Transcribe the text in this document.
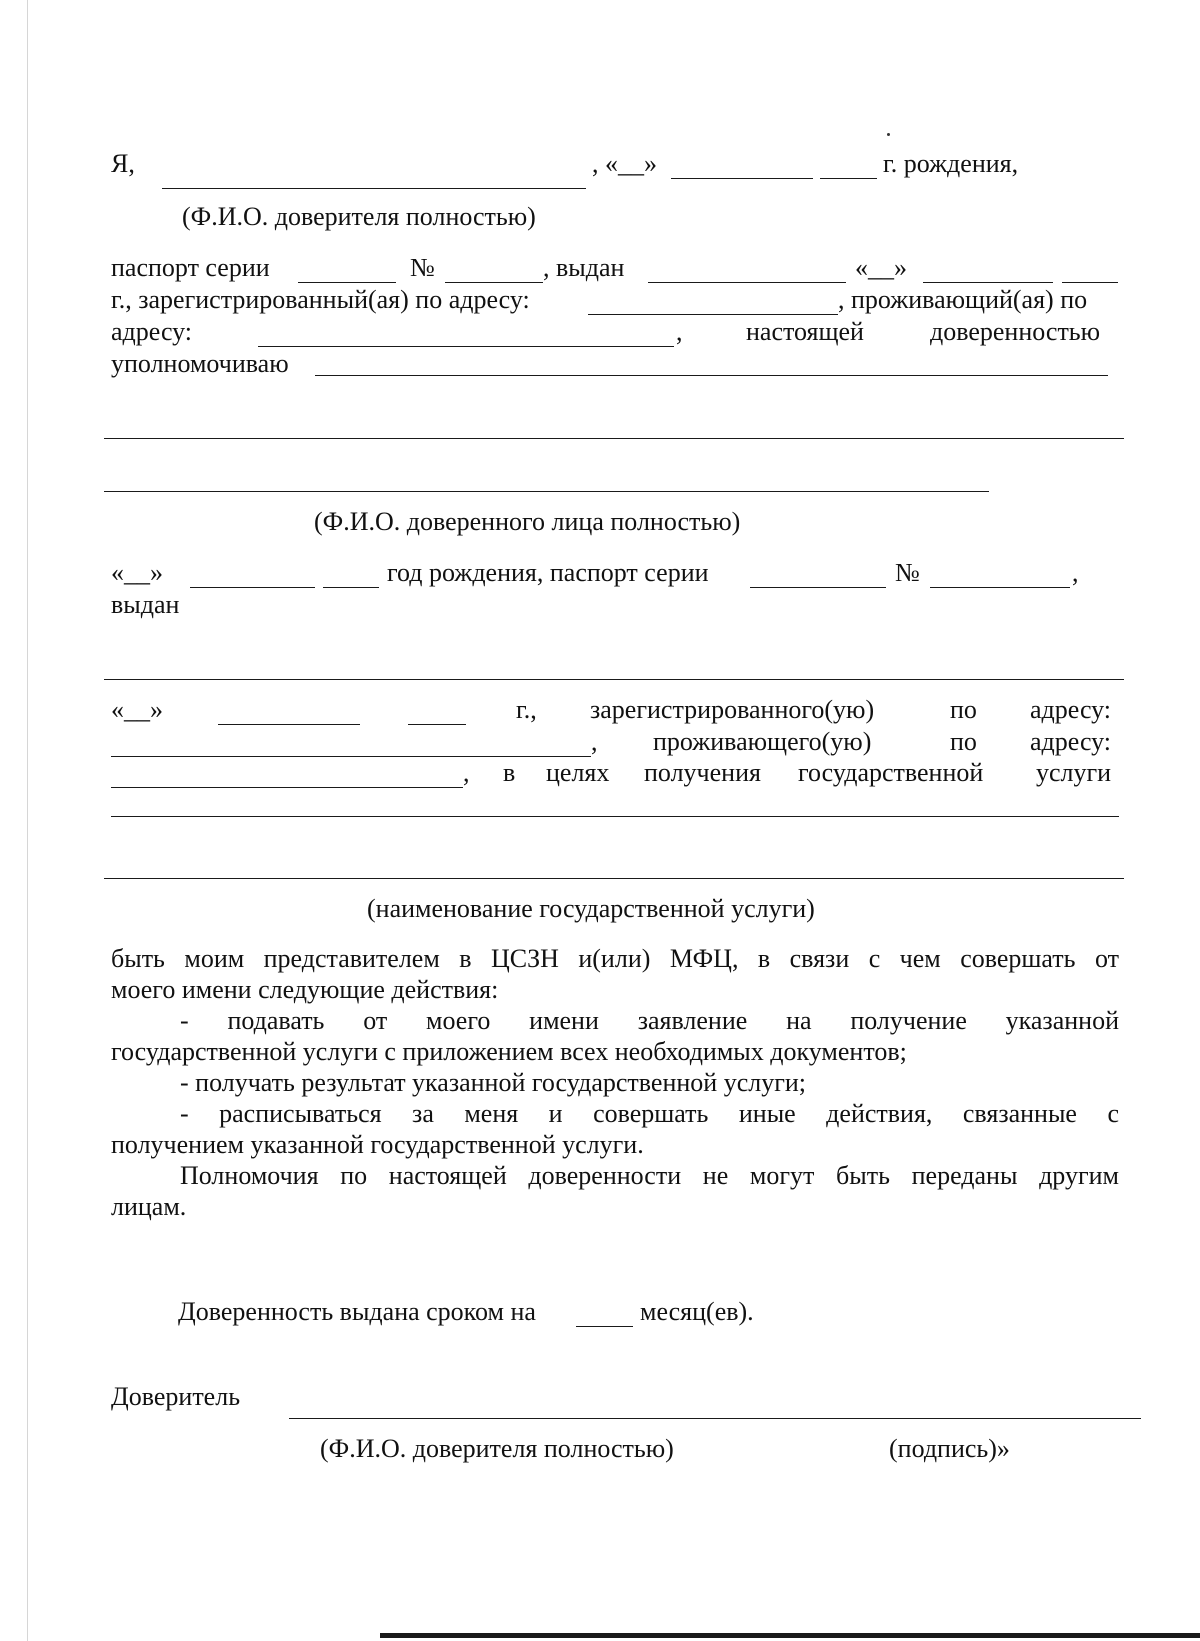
Я,	, «__»	г. рождения,
(Ф.И.О. доверителя полностью)
паспорт серии	№	, выдан	«__»
г., зарегистрированный(ая) по адресу:	, проживающий(ая) по
адресу:	, настоящей	доверенностью
уполномочиваю
(Ф.И.О. доверенного лица полностью)
«__»	год рождения, паспорт серии	№	,
выдан
«__»	г., зарегистрированного(ую)	по адресу:
, проживающего(ую)	по адресу:
, в целях получения государственной услуги
(наименование государственной услуги)
быть моим представителем в ЦСЗН и(или) МФЦ, в связи с чем совершать от
моего имени следующие действия:
- подавать от моего имени заявление на получение указанной
государственной услуги с приложением всех необходимых документов;
- получать результат указанной государственной услуги;
- расписываться за меня и совершать иные действия, связанные с
получением указанной государственной услуги.
Полномочия по настоящей доверенности не могут быть переданы другим
лицам.
Доверенность выдана сроком на	месяц(ев).
Доверитель
(Ф.И.О. доверителя полностью)	(подпись)»
